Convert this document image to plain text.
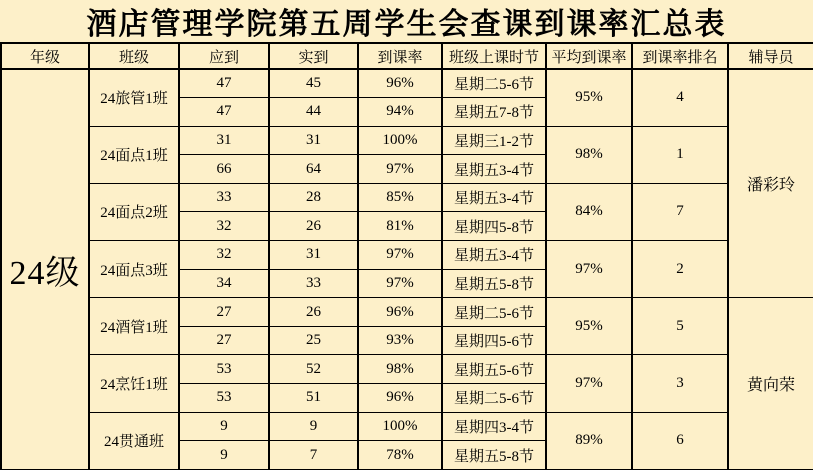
酒店管理学院第五周学生会查课到课率汇总表
年级	班级	应到	实到	到课率	班级上课时节	平均到课率	到课率排名	辅导员
24级	24旅管1班	47	45	96%	星期二5-6节	95%	4	潘彩玲
		47	44	94%	星期五7-8节			
	24面点1班	31	31	100%	星期三1-2节	98%	1	
		66	64	97%	星期五3-4节			
	24面点2班	33	28	85%	星期五3-4节	84%	7	
		32	26	81%	星期四5-8节			
	24面点3班	32	31	97%	星期五3-4节	97%	2	
		34	33	97%	星期五5-8节			
	24酒管1班	27	26	96%	星期二5-6节	95%	5	黄向荣
		27	25	93%	星期四5-6节			
	24烹饪1班	53	52	98%	星期五5-6节	97%	3	
		53	51	96%	星期二5-6节			
	24贯通班	9	9	100%	星期四3-4节	89%	6	
		9	7	78%	星期五5-8节			
